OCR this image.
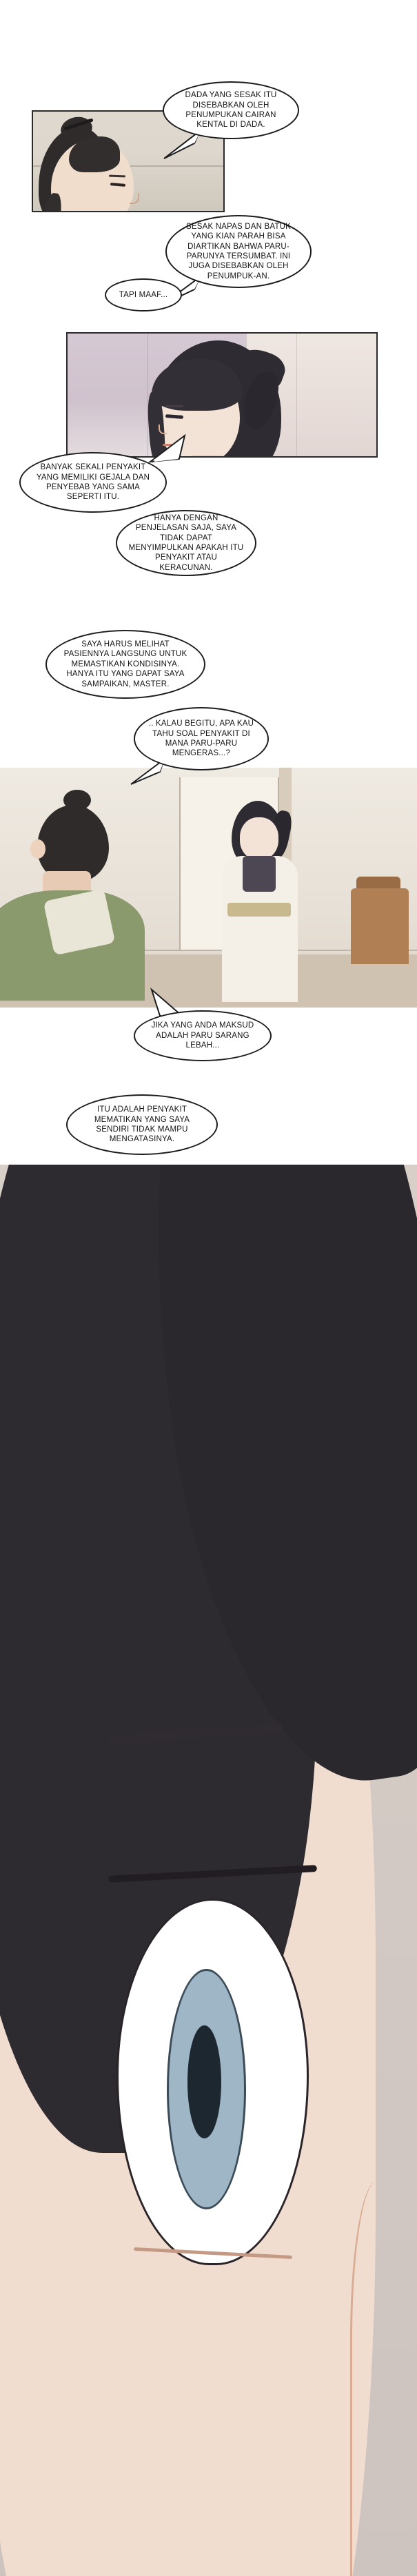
DADA YANG SESAK ITU DISEBABKAN OLEH PENUMPUKAN CAIRAN KENTAL DI DADA.
SESAK NAPAS DAN BATUK YANG KIAN PARAH BISA DIARTIKAN BAHWA PARU-PARUNYA TERSUMBAT. INI JUGA DISEBABKAN OLEH PENUMPUK-AN.
TAPI MAAF...
BANYAK SEKALI PENYAKIT YANG MEMILIKI GEJALA DAN PENYEBAB YANG SAMA SEPERTI ITU.
HANYA DENGAN PENJELASAN SAJA, SAYA TIDAK DAPAT MENYIMPULKAN APAKAH ITU PENYAKIT ATAU KERACUNAN.
SAYA HARUS MELIHAT PASIENNYA LANGSUNG UNTUK MEMASTIKAN KONDISINYA. HANYA ITU YANG DAPAT SAYA SAMPAIKAN, MASTER.
.. KALAU BEGITU, APA KAU TAHU SOAL PENYAKIT DI MANA PARU-PARU MENGERAS...?
JIKA YANG ANDA MAKSUD ADALAH PARU SARANG LEBAH...
ITU ADALAH PENYAKIT MEMATIKAN YANG SAYA SENDIRI TIDAK MAMPU MENGATASINYA.
